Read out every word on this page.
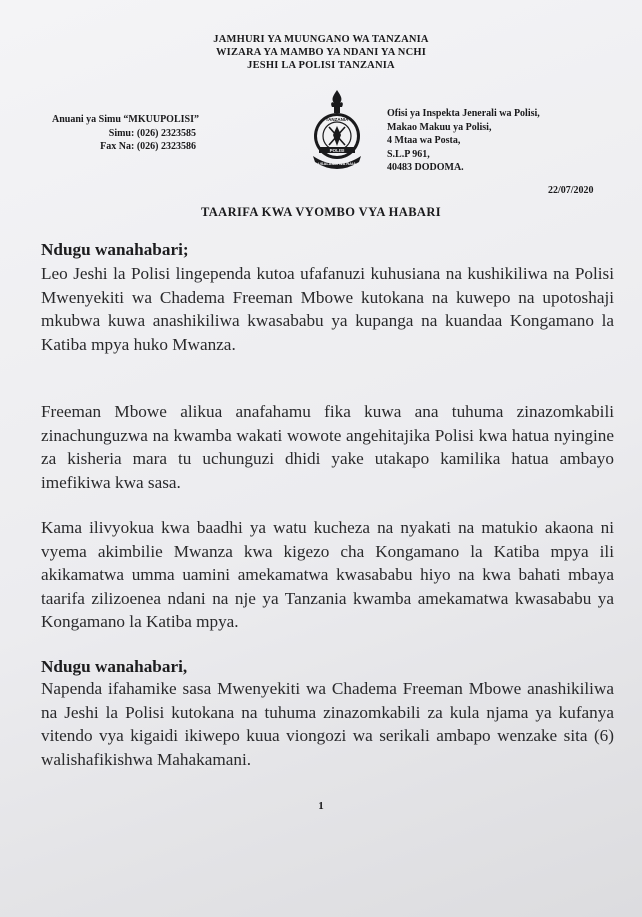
JAMHURI YA MUUNGANO WA TANZANIA
WIZARA YA MAMBO YA NDANI YA NCHI
JESHI LA POLISI TANZANIA
Anuani ya Simu “MKUUPOLISI”
Simu: (026) 2323585
Fax Na: (026) 2323586	POLISI
TANZANIA
USALAMA WA RAIA
Ofisi ya Inspekta Jenerali wa Polisi,
Makao Makuu ya Polisi,
4 Mtaa wa Posta,
S.L.P 961,
40483 DODOMA.
22/07/2020
TAARIFA KWA VYOMBO VYA HABARI
Ndugu wanahabari;
Leo Jeshi la Polisi lingependa kutoa ufafanuzi kuhusiana na kushikiliwa na Polisi Mwenyekiti wa Chadema Freeman Mbowe kutokana na kuwepo na upotoshaji mkubwa kuwa anashikiliwa kwasababu ya kupanga na kuandaa Kongamano la Katiba mpya huko Mwanza.
Freeman Mbowe alikua anafahamu fika kuwa ana tuhuma zinazomkabili zinachunguzwa na kwamba wakati wowote angehitajika Polisi kwa hatua nyingine za kisheria mara tu uchunguzi dhidi yake utakapo kamilika hatua ambayo imefikiwa kwa sasa.
Kama ilivyokua kwa baadhi ya watu kucheza na nyakati na matukio akaona ni vyema akimbilie Mwanza kwa kigezo cha Kongamano la Katiba mpya ili akikamatwa umma uamini amekamatwa kwasababu hiyo na kwa bahati mbaya taarifa zilizoenea ndani na nje ya Tanzania kwamba amekamatwa kwasababu ya Kongamano la Katiba mpya.
Ndugu wanahabari,
Napenda ifahamike sasa Mwenyekiti wa Chadema Freeman Mbowe anashikiliwa na Jeshi la Polisi kutokana na tuhuma zinazomkabili za kula njama ya kufanya vitendo vya kigaidi ikiwepo kuua viongozi wa serikali ambapo wenzake sita (6) walishafikishwa Mahakamani.
1
